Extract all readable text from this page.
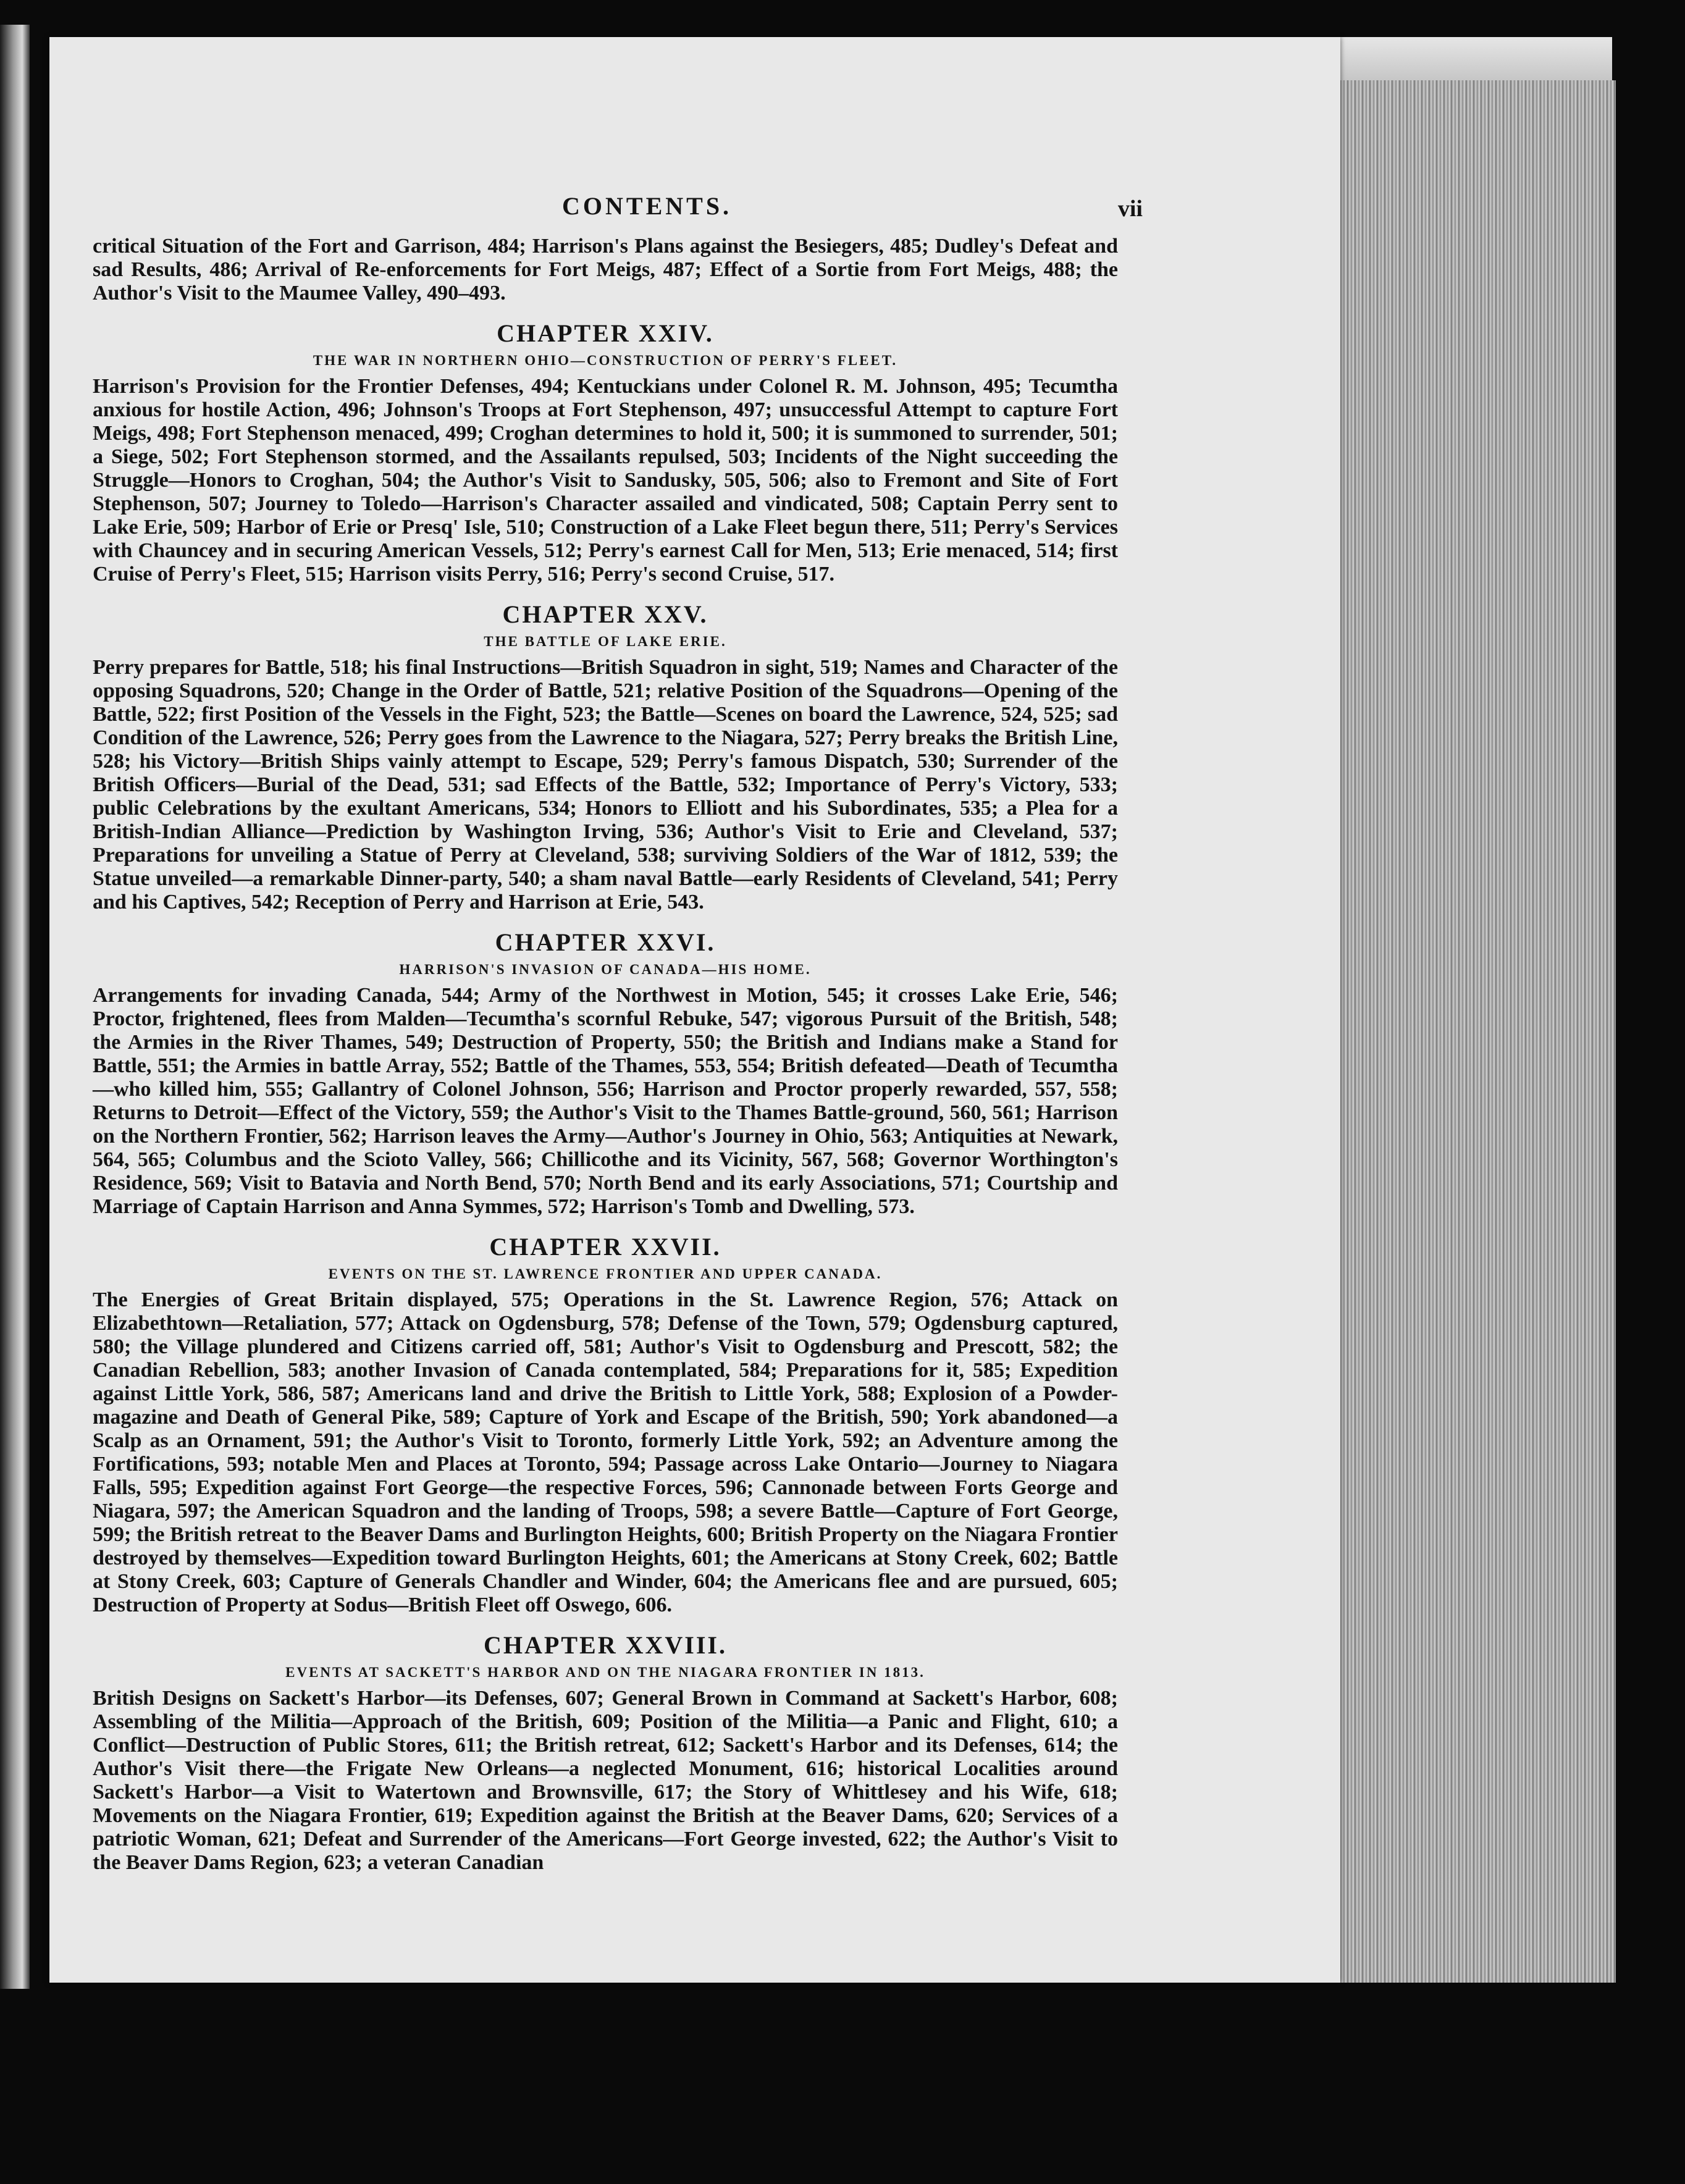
CONTENTS.	vii

critical Situation of the Fort and Garrison, 484; Harrison's Plans against the Besiegers, 485; Dudley's Defeat and sad Results, 486; Arrival of Re-enforcements for Fort Meigs, 487; Effect of a Sortie from Fort Meigs, 488; the Author's Visit to the Maumee Valley, 490–493.

CHAPTER XXIV.
THE WAR IN NORTHERN OHIO—CONSTRUCTION OF PERRY'S FLEET.

Harrison's Provision for the Frontier Defenses, 494; Kentuckians under Colonel R. M. Johnson, 495; Tecumtha anxious for hostile Action, 496; Johnson's Troops at Fort Stephenson, 497; unsuccessful Attempt to capture Fort Meigs, 498; Fort Stephenson menaced, 499; Croghan determines to hold it, 500; it is summoned to surrender, 501; a Siege, 502; Fort Stephenson stormed, and the Assailants repulsed, 503; Incidents of the Night succeeding the Struggle—Honors to Croghan, 504; the Author's Visit to Sandusky, 505, 506; also to Fremont and Site of Fort Stephenson, 507; Journey to Toledo—Harrison's Character assailed and vindicated, 508; Captain Perry sent to Lake Erie, 509; Harbor of Erie or Presq' Isle, 510; Construction of a Lake Fleet begun there, 511; Perry's Services with Chauncey and in securing American Vessels, 512; Perry's earnest Call for Men, 513; Erie menaced, 514; first Cruise of Perry's Fleet, 515; Harrison visits Perry, 516; Perry's second Cruise, 517.

CHAPTER XXV.
THE BATTLE OF LAKE ERIE.

Perry prepares for Battle, 518; his final Instructions—British Squadron in sight, 519; Names and Character of the opposing Squadrons, 520; Change in the Order of Battle, 521; relative Position of the Squadrons—Opening of the Battle, 522; first Position of the Vessels in the Fight, 523; the Battle—Scenes on board the Lawrence, 524, 525; sad Condition of the Lawrence, 526; Perry goes from the Lawrence to the Niagara, 527; Perry breaks the British Line, 528; his Victory—British Ships vainly attempt to Escape, 529; Perry's famous Dispatch, 530; Surrender of the British Officers—Burial of the Dead, 531; sad Effects of the Battle, 532; Importance of Perry's Victory, 533; public Celebrations by the exultant Americans, 534; Honors to Elliott and his Subordinates, 535; a Plea for a British-Indian Alliance—Prediction by Washington Irving, 536; Author's Visit to Erie and Cleveland, 537; Preparations for unveiling a Statue of Perry at Cleveland, 538; surviving Soldiers of the War of 1812, 539; the Statue unveiled—a remarkable Dinner-party, 540; a sham naval Battle—early Residents of Cleveland, 541; Perry and his Captives, 542; Reception of Perry and Harrison at Erie, 543.

CHAPTER XXVI.
HARRISON'S INVASION OF CANADA—HIS HOME.

Arrangements for invading Canada, 544; Army of the Northwest in Motion, 545; it crosses Lake Erie, 546; Proctor, frightened, flees from Malden—Tecumtha's scornful Rebuke, 547; vigorous Pursuit of the British, 548; the Armies in the River Thames, 549; Destruction of Property, 550; the British and Indians make a Stand for Battle, 551; the Armies in battle Array, 552; Battle of the Thames, 553, 554; British defeated—Death of Tecumtha—who killed him, 555; Gallantry of Colonel Johnson, 556; Harrison and Proctor properly rewarded, 557, 558; Returns to Detroit—Effect of the Victory, 559; the Author's Visit to the Thames Battle-ground, 560, 561; Harrison on the Northern Frontier, 562; Harrison leaves the Army—Author's Journey in Ohio, 563; Antiquities at Newark, 564, 565; Columbus and the Scioto Valley, 566; Chillicothe and its Vicinity, 567, 568; Governor Worthington's Residence, 569; Visit to Batavia and North Bend, 570; North Bend and its early Associations, 571; Courtship and Marriage of Captain Harrison and Anna Symmes, 572; Harrison's Tomb and Dwelling, 573.

CHAPTER XXVII.
EVENTS ON THE ST. LAWRENCE FRONTIER AND UPPER CANADA.

The Energies of Great Britain displayed, 575; Operations in the St. Lawrence Region, 576; Attack on Elizabethtown—Retaliation, 577; Attack on Ogdensburg, 578; Defense of the Town, 579; Ogdensburg captured, 580; the Village plundered and Citizens carried off, 581; Author's Visit to Ogdensburg and Prescott, 582; the Canadian Rebellion, 583; another Invasion of Canada contemplated, 584; Preparations for it, 585; Expedition against Little York, 586, 587; Americans land and drive the British to Little York, 588; Explosion of a Powder-magazine and Death of General Pike, 589; Capture of York and Escape of the British, 590; York abandoned—a Scalp as an Ornament, 591; the Author's Visit to Toronto, formerly Little York, 592; an Adventure among the Fortifications, 593; notable Men and Places at Toronto, 594; Passage across Lake Ontario—Journey to Niagara Falls, 595; Expedition against Fort George—the respective Forces, 596; Cannonade between Forts George and Niagara, 597; the American Squadron and the landing of Troops, 598; a severe Battle—Capture of Fort George, 599; the British retreat to the Beaver Dams and Burlington Heights, 600; British Property on the Niagara Frontier destroyed by themselves—Expedition toward Burlington Heights, 601; the Americans at Stony Creek, 602; Battle at Stony Creek, 603; Capture of Generals Chandler and Winder, 604; the Americans flee and are pursued, 605; Destruction of Property at Sodus—British Fleet off Oswego, 606.

CHAPTER XXVIII.
EVENTS AT SACKETT'S HARBOR AND ON THE NIAGARA FRONTIER IN 1813.

British Designs on Sackett's Harbor—its Defenses, 607; General Brown in Command at Sackett's Harbor, 608; Assembling of the Militia—Approach of the British, 609; Position of the Militia—a Panic and Flight, 610; a Conflict—Destruction of Public Stores, 611; the British retreat, 612; Sackett's Harbor and its Defenses, 614; the Author's Visit there—the Frigate New Orleans—a neglected Monument, 616; historical Localities around Sackett's Harbor—a Visit to Watertown and Brownsville, 617; the Story of Whittlesey and his Wife, 618; Movements on the Niagara Frontier, 619; Expedition against the British at the Beaver Dams, 620; Services of a patriotic Woman, 621; Defeat and Surrender of the Americans—Fort George invested, 622; the Author's Visit to the Beaver Dams Region, 623; a veteran Canadian
